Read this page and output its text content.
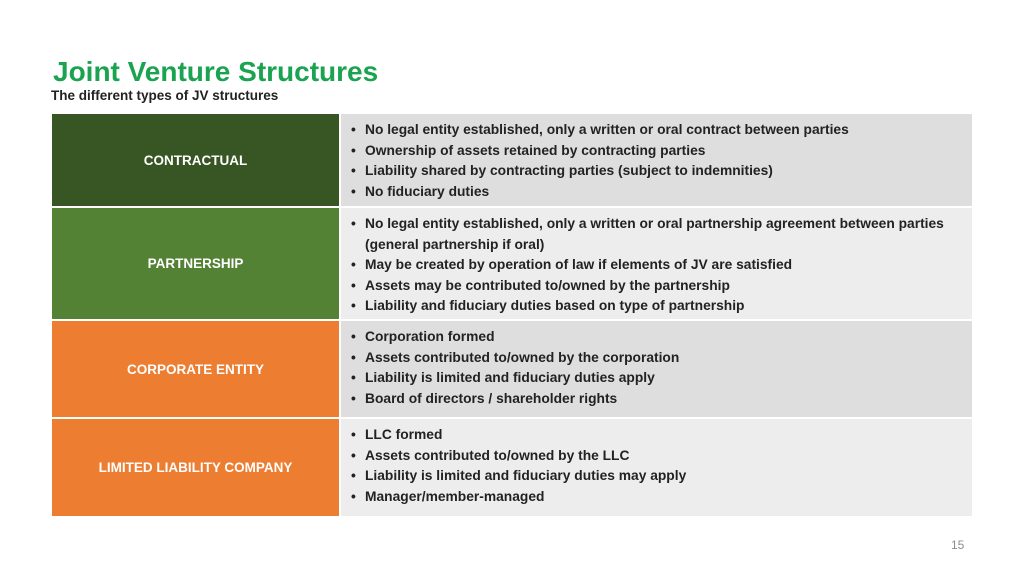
Joint Venture Structures
The different types of JV structures
CONTRACTUAL
• No legal entity established, only a written or oral contract between parties
• Ownership of assets retained by contracting parties
• Liability shared by contracting parties (subject to indemnities)
• No fiduciary duties
PARTNERSHIP
• No legal entity established, only a written or oral partnership agreement between parties (general partnership if oral)
• May be created by operation of law if elements of JV are satisfied
• Assets may be contributed to/owned by the partnership
• Liability and fiduciary duties based on type of partnership
CORPORATE ENTITY
• Corporation formed
• Assets contributed to/owned by the corporation
• Liability is limited and fiduciary duties apply
• Board of directors / shareholder rights
LIMITED LIABILITY COMPANY
• LLC formed
• Assets contributed to/owned by the LLC
• Liability is limited and fiduciary duties may apply
• Manager/member-managed
15
